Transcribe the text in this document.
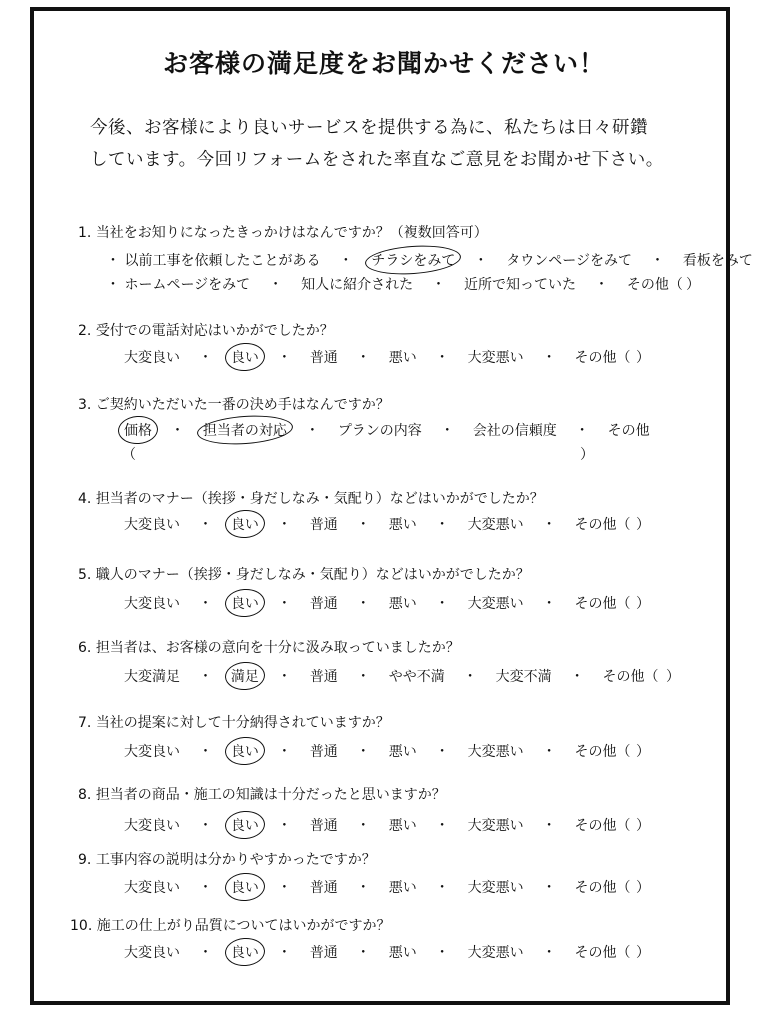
お客様の満足度をお聞かせください！
今後、お客様により良いサービスを提供する為に、私たちは日々研鑽
しています。今回リフォームをされた率直なご意見をお聞かせ下さい。
1. 当社をお知りになったきっかけはなんですか？（複数回答可）
・ 以前工事を依頼したことがある ・ チラシをみて ・ タウンページをみて ・ 看板をみて
・ ホームページをみて ・ 知人に紹介された ・ 近所で知っていた ・ その他（ ）
2. 受付での電話対応はいかがでしたか？
大変良い ・ 良い ・ 普通 ・ 悪い ・ 大変悪い ・ その他（ ）
3. ご契約いただいた一番の決め手はなんですか？
価格 ・ 担当者の対応 ・ プランの内容 ・ 会社の信頼度 ・ その他
（	）
4. 担当者のマナー（挨拶・身だしなみ・気配り）などはいかがでしたか？
大変良い ・ 良い ・ 普通 ・ 悪い ・ 大変悪い ・ その他（ ）
5. 職人のマナー（挨拶・身だしなみ・気配り）などはいかがでしたか？
大変良い ・ 良い ・ 普通 ・ 悪い ・ 大変悪い ・ その他（ ）
6. 担当者は、お客様の意向を十分に汲み取っていましたか？
大変満足 ・ 満足 ・ 普通 ・ やや不満 ・ 大変不満 ・ その他（ ）
7. 当社の提案に対して十分納得されていますか？
大変良い ・ 良い ・ 普通 ・ 悪い ・ 大変悪い ・ その他（ ）
8. 担当者の商品・施工の知識は十分だったと思いますか？
大変良い ・ 良い ・ 普通 ・ 悪い ・ 大変悪い ・ その他（ ）
9. 工事内容の説明は分かりやすかったですか？
大変良い ・ 良い ・ 普通 ・ 悪い ・ 大変悪い ・ その他（ ）
10. 施工の仕上がり品質についてはいかがですか？
大変良い ・ 良い ・ 普通 ・ 悪い ・ 大変悪い ・ その他（ ）
